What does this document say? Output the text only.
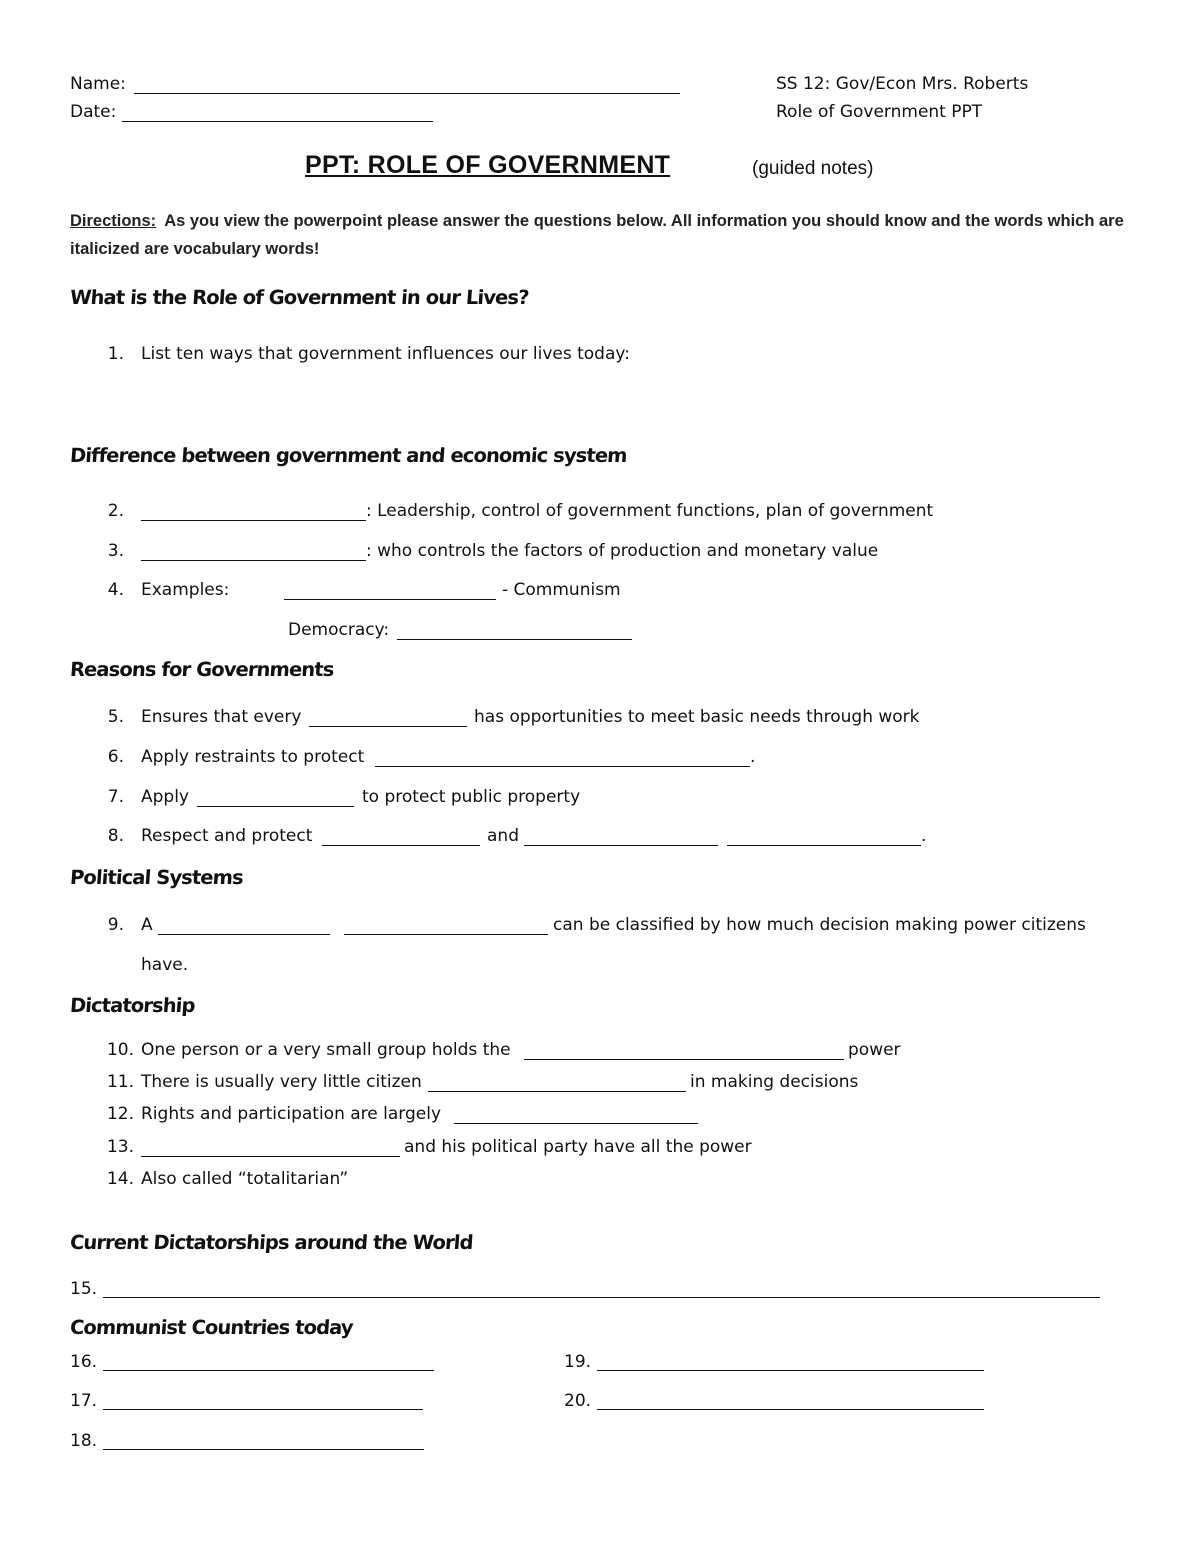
Name:
Date:
SS 12: Gov/Econ Mrs. Roberts
Role of Government PPT
PPT: ROLE OF GOVERNMENT	(guided notes)
Directions: As you view the powerpoint please answer the questions below. All information you should know and the words which are italicized are vocabulary words!
What is the Role of Government in our Lives?
1. List ten ways that government influences our lives today:
Difference between government and economic system
2.	: Leadership, control of government functions, plan of government
3.	: who controls the factors of production and monetary value
4. Examples:	- Communism
Democracy:
Reasons for Governments
5. Ensures that every	has opportunities to meet basic needs through work
6. Apply restraints to protect	.
7. Apply	to protect public property
8. Respect and protect	and	.
Political Systems
9. A	can be classified by how much decision making power citizens
have.
Dictatorship
10. One person or a very small group holds the	power
11. There is usually very little citizen	in making decisions
12. Rights and participation are largely
13.	and his political party have all the power
14. Also called “totalitarian”
Current Dictatorships around the World
15.
Communist Countries today
16.	19.
17.	20.
18.
